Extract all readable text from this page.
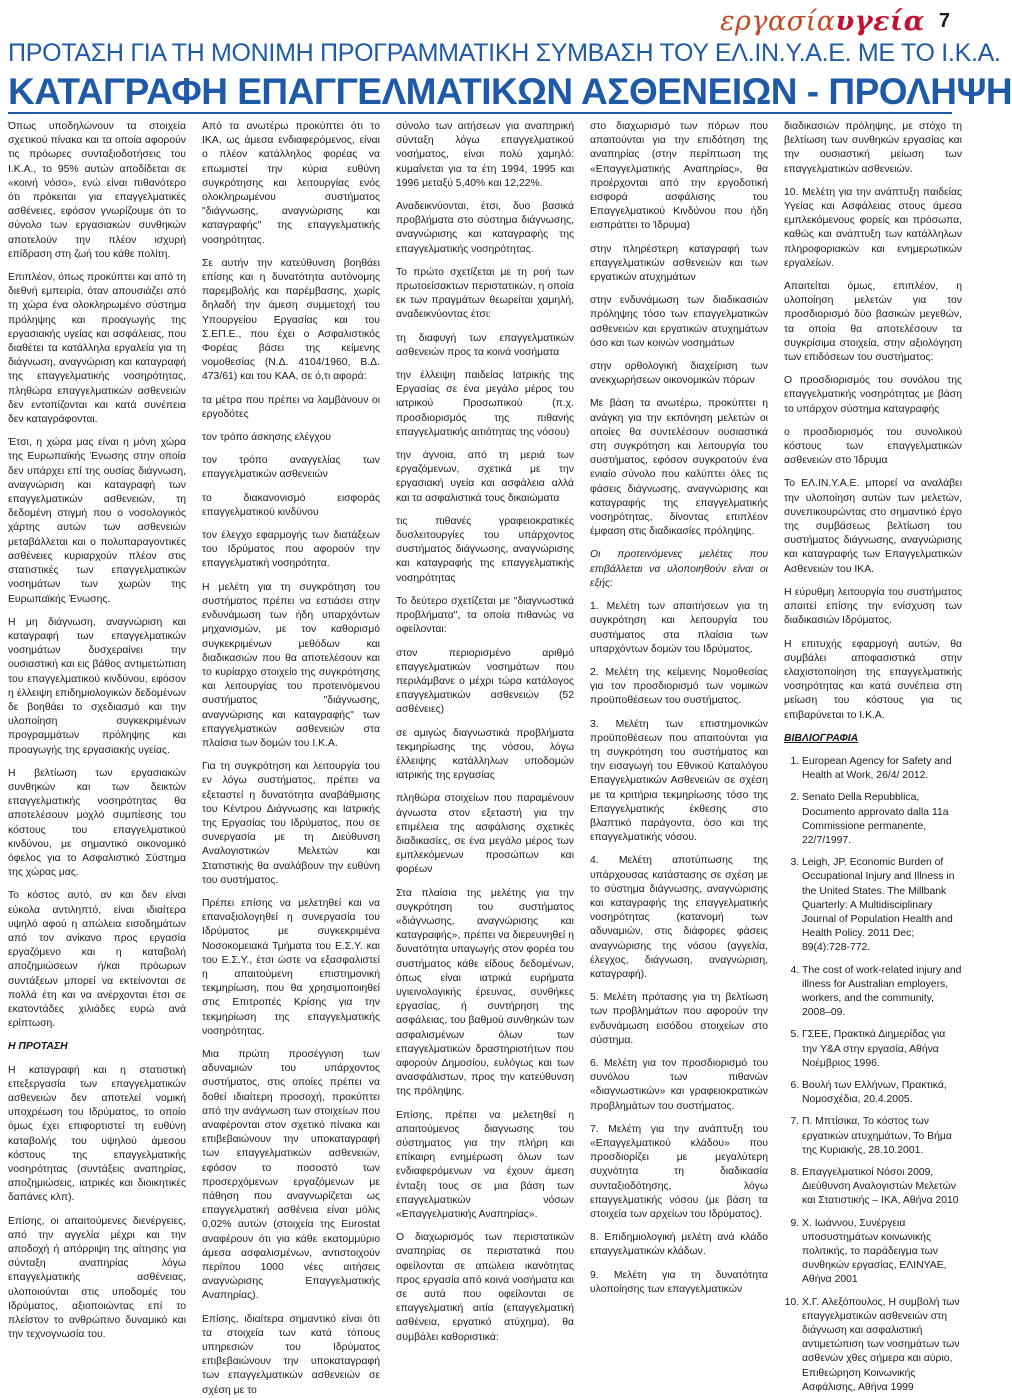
εργασίαυγεία 7
ΠΡΟΤΑΣΗ ΓΙΑ ΤΗ ΜΟΝΙΜΗ ΠΡΟΓΡΑΜΜΑΤΙΚΗ ΣΥΜΒΑΣΗ ΤΟΥ ΕΛ.ΙΝ.Υ.Α.Ε. ΜΕ ΤΟ Ι.Κ.Α.
ΚΑΤΑΓΡΑΦΗ ΕΠΑΓΓΕΛΜΑΤΙΚΩΝ ΑΣΘΕΝΕΙΩΝ - ΠΡΟΛΗΨΗ

Όπως υποδηλώνουν τα στοιχεία σχετικού πίνακα και τα οποία αφορούν τις πρόωρες συνταξιοδοτήσεις του Ι.Κ.Α., το 95% αυτών αποδίδεται σε «κοινή νόσο», ενώ είναι πιθανότερο ότι πρόκειται για επαγγελματικές ασθένειες, εφόσον γνωρίζουμε ότι το σύνολο των εργασιακών συνθηκών αποτελούν την πλέον ισχυρή επίδραση στη ζωή του κάθε πολίτη.

Επιπλέον, όπως προκύπτει και από τη διεθνή εμπειρία, όταν απουσιάζει από τη χώρα ένα ολοκληρωμένο σύστημα πρόληψης και προαγωγής της εργασιακής υγείας και ασφάλειας, που διαθέτει τα κατάλληλα εργαλεία για τη διάγνωση, αναγνώριση και καταγραφή της επαγγελματικής νοσηρότητας, πληθώρα επαγγελματικών ασθενειών δεν εντοπίζονται και κατά συνέπεια δεν καταγράφονται.

Έτσι, η χώρα μας είναι η μόνη χώρα της Ευρωπαϊκής Ένωσης στην οποία δεν υπάρχει επί της ουσίας διάγνωση, αναγνώριση και καταγραφή των επαγγελματικών ασθενειών, τη δεδομένη στιγμή που ο νοσολογικός χάρτης αυτών των ασθενειών μεταβάλλεται και ο πολυπαραγοντικές ασθένειες κυριαρχούν πλέον στις στατιστικές των επαγγελματικών νοσημάτων των χωρών της Ευρωπαϊκής Ένωσης.

Η μη διάγνωση, αναγνώριση και καταγραφή των επαγγελματικών νοσημάτων δυσχεραίνει την ουσιαστική και εις βάθος αντιμετώπιση του επαγγελματικού κινδύνου, εφόσον η έλλειψη επιδημιολογικών δεδομένων δε βοηθάει το σχεδιασμό και την υλοποίηση συγκεκριμένων προγραμμάτων πρόληψης και προαγωγής της εργασιακής υγείας.

Η βελτίωση των εργασιακών συνθηκών και των δεικτών επαγγελματικής νοσηρότητας θα αποτελέσουν μοχλό συμπίεσης του κόστους του επαγγελματικού κινδύνου, με σημαντικό οικονομικό όφελος για το Ασφαλιστικό Σύστημα της χώρας μας.

Το κόστος αυτό, αν και δεν είναι εύκολα αντιληπτό, είναι ιδιαίτερα υψηλό αφού η απώλεια εισοδημάτων από τον ανίκανο προς εργασία εργαζόμενο και η καταβολή αποζημιώσεων ή/και πρόωρων συντάξεων μπορεί να εκτείνονται σε πολλά έτη και να ανέρχονται έτσι σε εκατοντάδες χιλιάδες ευρώ ανά ερίπτωση.

Η ΠΡΟΤΑΣΗ

Η καταγραφή και η στατιστική επεξεργασία των επαγγελματικών ασθενειών δεν αποτελεί νομική υποχρέωση του Ιδρύματος, το οποίο όμως έχει επιφορτιστεί τη ευθύνη καταβολής του υψηλού άμεσου κόστους της επαγγελματικής νοσηρότητας (συντάξεις αναπηρίας, αποζημιώσεις, ιατρικές και διοικητικές δαπάνες κλπ).

Επίσης, οι απαιτούμενες διενέργειες, από την αγγελία μέχρι και την αποδοχή ή απόρριψη της αίτησης για σύνταξη αναπηρίας λόγω επαγγελματικής ασθένειας, υλοποιούνται στις υποδομές του Ιδρύματος, αξιοποιώντας επί το πλείστον το ανθρώπινο δυναμικό και την τεχνογνωσία του.

Από τα ανωτέρω προκύπτει ότι το ΙΚΑ, ως άμεσα ενδιαφερόμενος, είναι ο πλέον κατάλληλος φορέας να επωμιστεί την κύρια ευθύνη συγκρότησης και λειτουργίας ενός ολοκληρωμένου συστήματος "διάγνωσης, αναγνώρισης και καταγραφής" της επαγγελματικής νοσηρότητας.

Σε αυτήν την κατεύθυνση βοηθάει επίσης και η δυνατότητα αυτόνομης παρεμβολής και παρέμβασης, χωρίς δηλαδή την άμεση συμμετοχή του Υπουργείου Εργασίας και του Σ.ΕΠ.Ε., που έχει ο Ασφαλιστικός Φορέας βάσει της κείμενης νομοθεσίας (Ν.Δ. 4104/1960, Β.Δ. 473/61) και του ΚΑΑ, σε ό,τι αφορά:

τα μέτρα που πρέπει να λαμβάνουν οι εργοδότες

τον τρόπο άσκησης ελέγχου

τον τρόπο αναγγελίας των επαγγελματικών ασθενειών

το διακανονισμό εισφοράς επαγγελματικού κινδύνου

τον έλεγχο εφαρμογής των διατάξεων του Ιδρύματος που αφορούν την επαγγελματική νοσηρότητα.

Η μελέτη για τη συγκρότηση του συστήματος πρέπει να εστιάσει στην ενδυνάμωση των ήδη υπαρχόντων μηχανισμών, με τον καθορισμό συγκεκριμένων μεθόδων και διαδικασιών που θα αποτελέσουν και το κυρίαρχο στοιχείο της συγκρότησης και λειτουργίας του προτεινόμενου συστήματος "διάγνωσης, αναγνώρισης και καταγραφής" των επαγγελματικών ασθενειών στα πλαίσια των δομών του Ι.Κ.Α.

Για τη συγκρότηση και λειτουργία του εν λόγω συστήματος, πρέπει να εξεταστεί η δυνατότητα αναβάθμισης του Κέντρου Διάγνωσης και Ιατρικής της Εργασίας του Ιδρύματος, που σε συνεργασία με τη Διεύθυνση Αναλογιστικών Μελετών και Στατιστικής θα αναλάβουν την ευθύνη του συστήματος.

Πρέπει επίσης να μελετηθεί και να επαναξιολογηθεί η συνεργασία του Ιδρύματος με συγκεκριμένα Νοσοκομειακά Τμήματα του Ε.Σ.Υ. και του Ε.Σ.Υ., έτσι ώστε να εξασφαλιστεί η απαιτούμενη επιστημονική τεκμηρίωση, που θα χρησιμοποιηθεί στις Επιτροπές Κρίσης για την τεκμηρίωση της επαγγελματικής νοσηρότητας.

Μια πρώτη προσέγγιση των αδυναμιών του υπάρχοντος συστήματος, στις οποίες πρέπει να δοθεί ιδιαίτερη προσοχή, προκύπτει από την ανάγνωση των στοιχείων που αναφέρονται στον σχετικό πίνακα και επιβεβαιώνουν την υποκαταγραφή των επαγγελματικών ασθενειών, εφόσον το ποσοστό των προσερχόμενων εργαζόμενων με πάθηση που αναγνωρίζεται ως επαγγελματική ασθένεια είναι μόλις 0,02% αυτών (στοιχεία της Eurostat αναφέρουν ότι για κάθε εκατομμύριο άμεσα ασφαλισμένων, αντιστοιχούν περίπου 1000 νέες αιτήσεις αναγνώρισης Επαγγελματικής Αναπηρίας).

Επίσης, ιδιαίτερα σημαντικό είναι ότι τα στοιχεία των κατά τόπους υπηρεσιών του Ιδρύματος επιβεβαιώνουν την υποκαταγραφή των επαγγελματικών ασθενειών σε σχέση με το

σύνολο των αιτήσεων για αναπηρική σύνταξη λόγω επαγγελματικού νοσήματος, είναι πολύ χαμηλό: κυμαίνεται για τα έτη 1994, 1995 και 1996 μεταξύ 5,40% και 12,22%.

Αναδεικνύονται, έτσι, δυο βασικά προβλήματα στο σύστημα διάγνωσης, αναγνώρισης και καταγραφής της επαγγελματικής νοσηρότητας.

Το πρώτο σχετίζεται με τη ροή των πρωτοείσακτων περιστατικών, η οποία εκ των πραγμάτων θεωρείται χαμηλή, αναδεικνύοντας έτσι:

τη διαφυγή των επαγγελματικών ασθενειών προς τα κοινά νοσήματα

την έλλειψη παιδείας Ιατρικής της Εργασίας σε ένα μεγάλο μέρος του ιατρικού Προσωπικού (π.χ. προσδιορισμός της πιθανής επαγγελματικής αιτιότητας της νόσου)

την άγνοια, από τη μεριά των εργαζόμενων, σχετικά με την εργασιακή υγεία και ασφάλεια αλλά και τα ασφαλιστικά τους δικαιώματα

τις πιθανές γραφειοκρατικές δυσλειτουργίες του υπάρχοντος συστήματος διάγνωσης, αναγνώρισης και καταγραφής της επαγγελματικής νοσηρότητας

Το δεύτερο σχετίζεται με "διαγνωστικά προβλήματα", τα οποία πιθανώς να οφείλονται:

στον περιορισμένο αριθμό επαγγελματικών νοσημάτων που περιλάμβανε ο μέχρι τώρα κατάλογος επαγγελματικών ασθενειών (52 ασθένειες)

σε αμιγώς διαγνωστικά προβλήματα τεκμηρίωσης της νόσου, λόγω έλλειψης κατάλληλων υποδομών ιατρικής της εργασίας

πληθώρα στοιχείων που παραμένουν άγνωστα στον εξεταστή για την επιμέλεια της ασφάλισης σχετικές διαδικασίες, σε ένα μεγάλο μέρος των εμπλεκόμενων προσώπων και φορέων

Στα πλαίσια της μελέτης για την συγκρότηση του συστήματος «διάγνωσης, αναγνώρισης και καταγραφής», πρέπει να διερευνηθεί η δυνατότητα υπαγωγής στον φορέα του συστήματος κάθε είδους δεδομένων, όπως είναι ιατρικά ευρήματα υγιεινολογικής έρευνας, συνθήκες εργασίας, ή συντήρηση της ασφάλειας, του βαθμού συνθηκών των ασφαλισμένων όλων των επαγγελματικών δραστηριοτήτων που αφορούν Δημοσίου, ευλόγως και των ανασφάλιστων, προς την κατεύθυνση της πρόληψης.

Επίσης, πρέπει να μελετηθεί η απαιτούμενος διαγνωσης του σύστηματος για την πλήρη και επίκαιρη ενημέρωση όλων των ενδιαφερόμενων να έχουν άμεση ένταξη τους σε μια βάση των επαγγελματικών νόσων «Επαγγελματικής Αναπηρίας».

Ο διαχωρισμός των περιστατικών αναπηρίας σε περιστατικά που οφείλονται σε απώλεια ικανότητας προς εργασία από κοινά νοσήματα και σε αυτά που οφείλονται σε επαγγελματική αιτία (επαγγελματική ασθένεια, εργατικό ατύχημα), θα συμβάλει καθοριστικά:

στο διαχωρισμό των πόρων που απαιτούνται για την επιδότηση της αναπηρίας (στην περίπτωση της «Επαγγελματικής Αναπηρίας», θα προέρχονται από την εργοδοτική εισφορά ασφάλισης του Επαγγελματικού Κινδύνου που ήδη εισπράττει το Ίδρυμα)

στην πληρέστερη καταγραφή των επαγγελματικών ασθενειών και των εργατικών ατυχημάτων

στην ενδυνάμωση των διαδικασιών πρόληψης τόσο των επαγγελματικών ασθενειών και εργατικών ατυχημάτων όσο και των κοινών νοσημάτων

στην ορθολογική διαχείριση των ανεκχωρήσεων οικονομικών πόρων

Με βάση τα ανωτέρω, προκύπτει η ανάγκη για την εκπόνηση μελετών οι οποίες θα συντελέσουν ουσιαστικά στη συγκρότηση και λειτουργία του συστήματος, εφόσον συγκροτούν ένα ενιαίο σύνολο που καλύπτει όλες τις φάσεις διάγνωσης, αναγνώρισης και καταγραφής της επαγγελματικής νοσηρότητας, δίνοντας επιπλέον έμφαση στις διαδικασίες πρόληψης.

Οι προτεινόμενες μελέτες που επιβάλλεται να υλοποιηθούν είναι οι εξής:

1. Μελέτη των απαιτήσεων για τη συγκρότηση και λειτουργία του συστήματος στα πλαίσια των υπαρχόντων δομών του Ιδρύματος.

2. Μελέτη της κείμενης Νομοθεσίας για τον προσδιορισμό των νομικών προϋποθέσεων του συστήματος.

3. Μελέτη των επιστημονικών προϋποθέσεων που απαιτούνται για τη συγκρότηση του συστήματος και την εισαγωγή του Εθνικού Καταλόγου Επαγγελματικών Ασθενειών σε σχέση με τα κριτήρια τεκμηρίωσης τόσο της Επαγγελματικής έκθεσης στο βλαπτικό παράγοντα, όσο και της επαγγελματικής νόσου.

4. Μελέτη αποτύπωσης της υπάρχουσας κατάστασης σε σχέση με το σύστημα διάγνωσης, αναγνώρισης και καταγραφής της επαγγελματικής νοσηρότητας (κατανομή των αδυναμιών, στις διάφορες φάσεις αναγνώρισης της νόσου (αγγελία, έλεγχος, διάγνωση, αναγνώριση, καταγραφή).

5. Μελέτη πρότασης για τη βελτίωση των προβλημάτων που αφορούν την ενδυνάμωση εισόδου στοιχείων στο σύστημα.

6. Μελέτη για τον προσδιορισμό του συνόλου των πιθανών «διαγνωστικών» και γραφειοκρατικών προβλημάτων του συστήματος.

7. Μελέτη για την ανάπτυξη του «Επαγγελματικού κλάδου» που προσδιορίζει με μεγαλύτερη συχνότητα τη διαδικασία συνταξιοδότησης, λόγω επαγγελματικής νόσου (με βάση τα στοιχεία των αρχείων του Ιδρύματος).

8. Επιδημιολογική μελέτη ανά κλάδο επαγγελματικών κλάδων.

9. Μελέτη για τη δυνατότητα υλοποίησης των επαγγελματικών

διαδικασιών πρόληψης, με στόχο τη βελτίωση των συνθηκών εργασίας και την ουσιαστική μείωση των επαγγελματικών ασθενειών.

10. Μελέτη για την ανάπτυξη παιδείας Υγείας και Ασφάλειας στους άμεσα εμπλεκόμενους φορείς και πρόσωπα, καθώς και ανάπτυξη των κατάλληλων πληροφοριακών και ενημερωτικών εργαλείων.

Απαιτείται όμως, επιπλέον, η υλοποίηση μελετών για τον προσδιορισμό δύο βασικών μεγεθών, τα οποία θα αποτελέσουν τα συγκρίσιμα στοιχεία, στην αξιολόγηση των επιδόσεων του συστήματος:

Ο προσδιορισμός του συνόλου της επαγγελματικής νοσηρότητας με βάση το υπάρχον σύστημα καταγραφής

ο προσδιορισμός του συνολικού κόστους των επαγγελματικών ασθενειών στο Ίδρυμα

Το ΕΛ.ΙΝ.Υ.Α.Ε. μπορεί να αναλάβει την υλοποίηση αυτών των μελετών, συνεπικουρώντας στο σημαντικό έργο της συμβάσεως βελτίωση του συστήματος διάγνωσης, αναγνώρισης και καταγραφής των Επαγγελματικών Ασθενειών του ΙΚΑ.

Η εύρυθμη λειτουργία του συστήματος απαιτεί επίσης την ενίσχυση των διαδικασιών Ιδρύματος.

Η επιτυχής εφαρμογή αυτών, θα συμβάλει αποφασιστικά στην ελαχιστοποίηση της επαγγελματικής νοσηρότητας και κατά συνέπεια στη μείωση του κόστους για τις επιβαρύνεται το Ι.Κ.Α.

ΒΙΒΛΙΟΓΡΑΦΙΑ

1. European Agency for Safety and Health at Work, 26/4/ 2012.
2. Senato Della Repubblica, Documento approvato dalla 11a Commissione permanente, 22/7/1997.
3. Leigh, JP. Economic Burden of Occupational Injury and Illness in the United States. The Millbank Quarterly: A Multidisciplinary Journal of Population Health and Health Policy. 2011 Dec; 89(4):728-772.
4. The cost of work-related injury and illness for Australian employers, workers, and the community, 2008–09.
5. ΓΣΕΕ, Πρακτικά Διημερίδας για την Y&A στην εργασία, Αθήνα Νοέμβριος 1996.
6. Βουλή των Ελλήνων, Πρακτικά, Νομοσχέδια, 20.4.2005.
7. Π. Μπτίσικα, Το κόστος των εργατικών ατυχημάτων, Το Βήμα της Κυριακής, 28.10.2001.
8. Επαγγελματικοί Νόσοι 2009, Διεύθυνση Αναλογιστών Μελετών και Στατιστικής – ΙΚΑ, Αθήνα 2010
9. Χ. Ιωάννου, Συνέργεια υποσυστημάτων κοινωνικής πολιτικής, το παράδειγμα των συνθηκών εργασίας, ΕΛΙΝΥΑΕ, Αθήνα 2001
10. Χ.Γ. Αλεξόπουλος, Η συμβολή των επαγγελματικών ασθενειών στη διάγνωση και ασφαλιστική αντιμετώπιση των νοσημάτων των ασθενών χθες σήμερα και αύριο, Επιθεώρηση Κοινωνικής Ασφάλισης, Αθήνα 1999
